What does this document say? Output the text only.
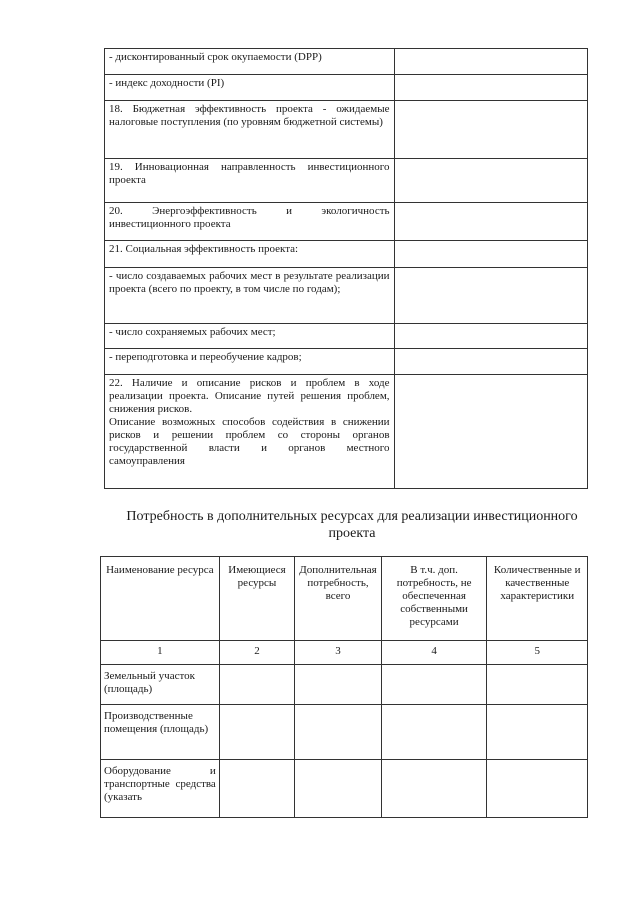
- дисконтированный срок окупаемости (DPP)	
- индекс доходности (PI)	
18. Бюджетная эффективность проекта - ожидаемые налоговые поступления (по уровням бюджетной системы)	
19. Инновационная направленность инвестиционного проекта	
20. Энергоэффективность и экологичность инвестиционного проекта	
21. Социальная эффективность проекта:	
- число создаваемых рабочих мест в результате реализации проекта (всего по проекту, в том числе по годам);	
- число сохраняемых рабочих мест;	
- переподготовка и переобучение кадров;	

22. Наличие и описание рисков и проблем в ходе реализации проекта. Описание путей решения проблем, снижения рисков.
Описание возможных способов содействия в снижении рисков и решении проблем со стороны органов государственной власти и органов местного самоуправления	

Потребность в дополнительных ресурсах для реализации инвестиционного проекта
Наименование ресурса	Имеющиеся ресурсы	Дополнительная потребность, всего	В т.ч. доп. потребность, не обеспеченная собственными ресурсами	Количественные и качественные характеристики
1	2	3	4	5
Земельный участок (площадь)				
Производственные помещения (площадь)				
Оборудование и транспортные средства (указать				
